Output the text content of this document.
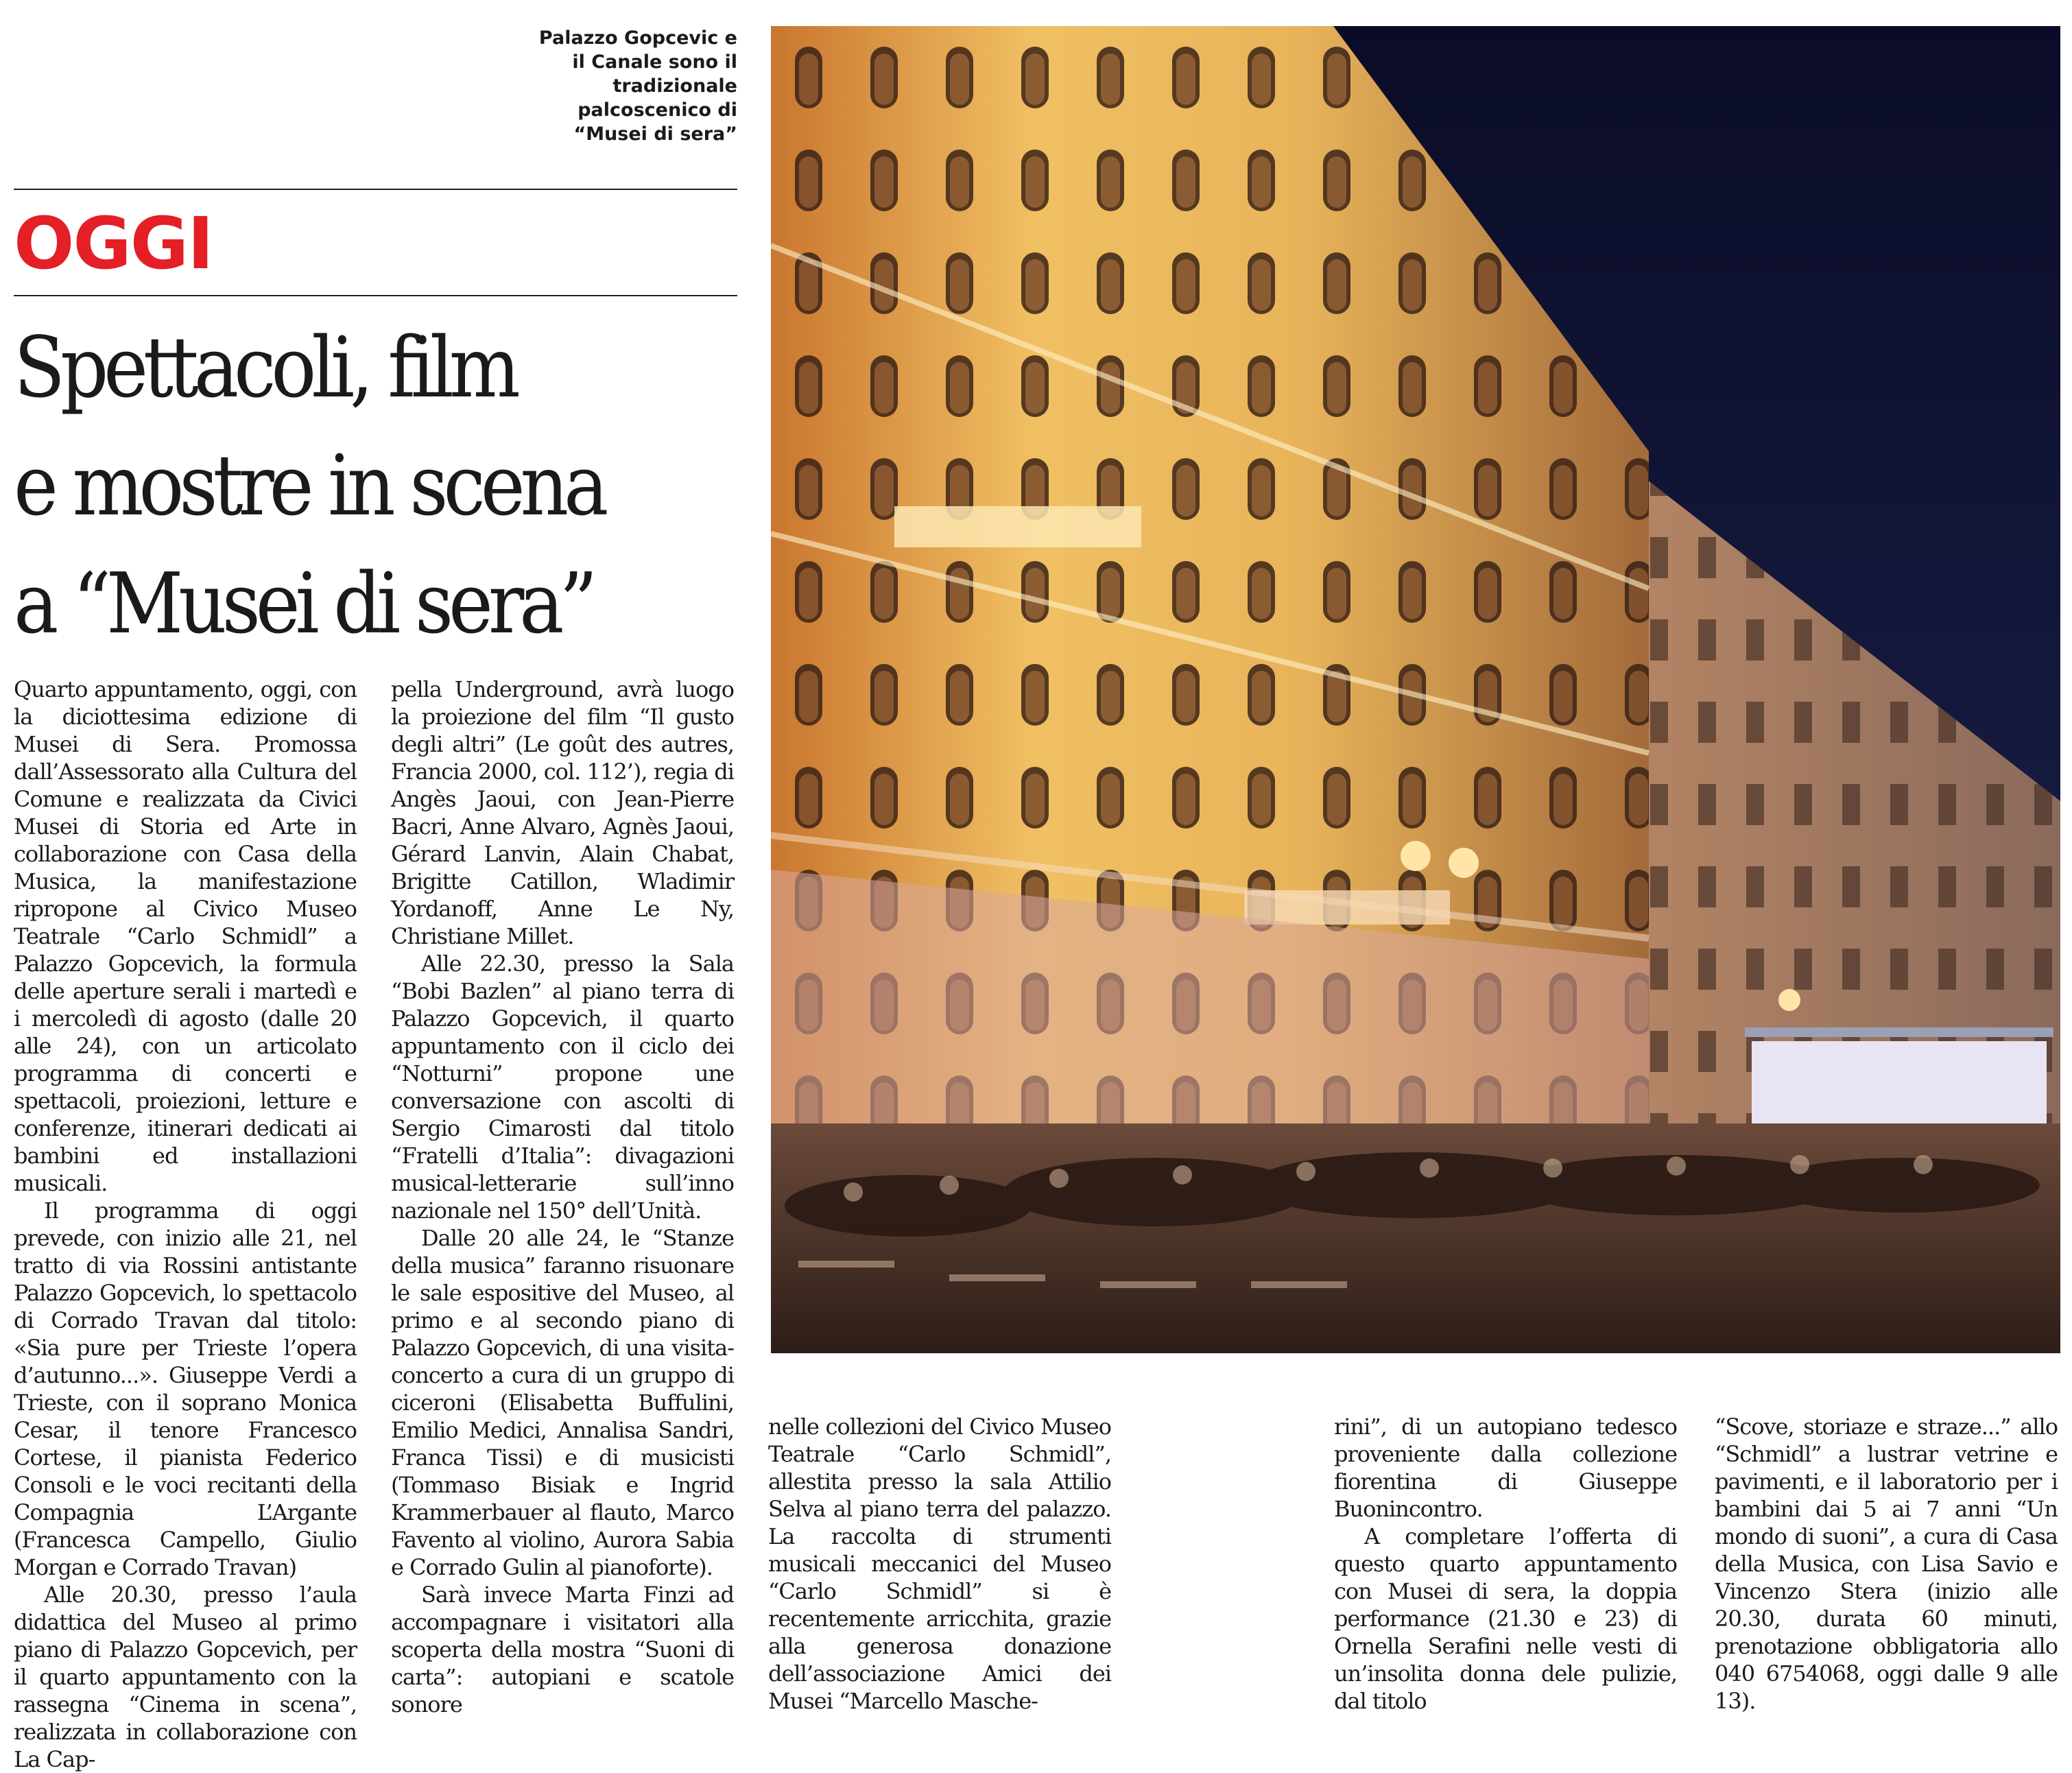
Palazzo Gopcevic e
il Canale sono il
tradizionale
palcoscenico di
“Musei di sera”
OGGI
Spettacoli, film
e mostre in scena
a “Musei di sera”

Quarto appuntamento, oggi, con la diciottesima edizione di Musei di Sera. Promossa dall’Assessorato alla Cultura del Comune e realizzata da Civici Musei di Storia ed Arte in collaborazione con Casa della Musica, la manifestazione ripropone al Civico Museo Teatrale “Carlo Schmidl” a Palazzo Gopcevich, la formula delle aperture serali i martedì e i mercoledì di agosto (dalle 20 alle 24), con un articolato programma di concerti e spettacoli, proiezioni, letture e conferenze, itinerari dedicati ai bambini ed installazioni musicali.

Il programma di oggi prevede, con inizio alle 21, nel tratto di via Rossini antistante Palazzo Gopcevich, lo spettacolo di Corrado Travan dal titolo: «Sia pure per Trieste l’opera d’autunno...». Giuseppe Verdi a Trieste, con il soprano Monica Cesar, il tenore Francesco Cortese, il pianista Federico Consoli e le voci recitanti della Compagnia L’Argante (Francesca Campello, Giulio Morgan e Corrado Travan)

Alle 20.30, presso l’aula didattica del Museo al primo piano di Palazzo Gopcevich, per il quarto appuntamento con la rassegna “Cinema in scena”, realizzata in collaborazione con La Cap-

pella Underground, avrà luogo la proiezione del film “Il gusto degli altri” (Le goût des autres, Francia 2000, col. 112’), regia di Angès Jaoui, con Jean-Pierre Bacri, Anne Alvaro, Agnès Jaoui, Gérard Lanvin, Alain Chabat, Brigitte Catillon, Wladimir Yordanoff, Anne Le Ny, Christiane Millet.

Alle 22.30, presso la Sala “Bobi Bazlen” al piano terra di Palazzo Gopcevich, il quarto appuntamento con il ciclo dei “Notturni” propone une conversazione con ascolti di Sergio Cimarosti dal titolo “Fratelli d’Italia”: divagazioni musical-letterarie sull’inno nazionale nel 150° dell’Unità.

Dalle 20 alle 24, le “Stanze della musica” faranno risuonare le sale espositive del Museo, al primo e al secondo piano di Palazzo Gopcevich, di una visita-concerto a cura di un gruppo di ciceroni (Elisabetta Buffulini, Emilio Medici, Annalisa Sandri, Franca Tissi) e di musicisti (Tommaso Bisiak e Ingrid Krammerbauer al flauto, Marco Favento al violino, Aurora Sabia e Corrado Gulin al pianoforte).

Sarà invece Marta Finzi ad accompagnare i visitatori alla scoperta della mostra “Suoni di carta”: autopiani e scatole sonore

nelle collezioni del Civico Museo Teatrale “Carlo Schmidl”, allestita presso la sala Attilio Selva al piano terra del palazzo. La raccolta di strumenti musicali meccanici del Museo “Carlo Schmidl” si è recentemente arricchita, grazie alla generosa donazione dell’associazione Amici dei Musei “Marcello Masche-

rini”, di un autopiano tedesco proveniente dalla collezione fiorentina di Giuseppe Buonincontro.

A completare l’offerta di questo quarto appuntamento con Musei di sera, la doppia performance (21.30 e 23) di Ornella Serafini nelle vesti di un’insolita donna dele pulizie, dal titolo

“Scove, storiaze e straze...” allo “Schmidl” a lustrar vetrine e pavimenti, e il laboratorio per i bambini dai 5 ai 7 anni “Un mondo di suoni”, a cura di Casa della Musica, con Lisa Savio e Vincenzo Stera (inizio alle 20.30, durata 60 minuti, prenotazione obbligatoria allo 040 6754068, oggi dalle 9 alle 13).
